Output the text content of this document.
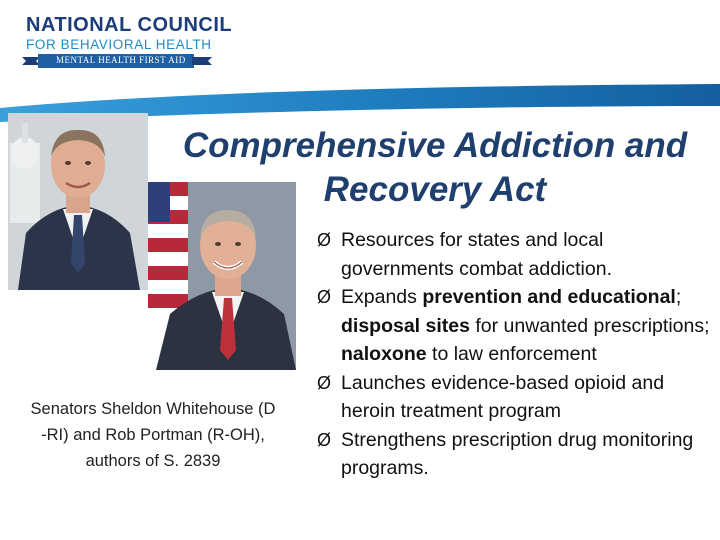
NATIONAL COUNCIL
FOR BEHAVIORAL HEALTH
MENTAL HEALTH FIRST AID
Comprehensive Addiction and
Recovery Act
Senators Sheldon Whitehouse (D
-RI) and Rob Portman (R-OH),
authors of S. 2839
Ø Resources for states and local governments combat addiction.
Ø Expands prevention and educational; disposal sites for unwanted prescriptions; naloxone to law enforcement
Ø Launches evidence-based opioid and heroin treatment program
Ø Strengthens prescription drug monitoring programs.
